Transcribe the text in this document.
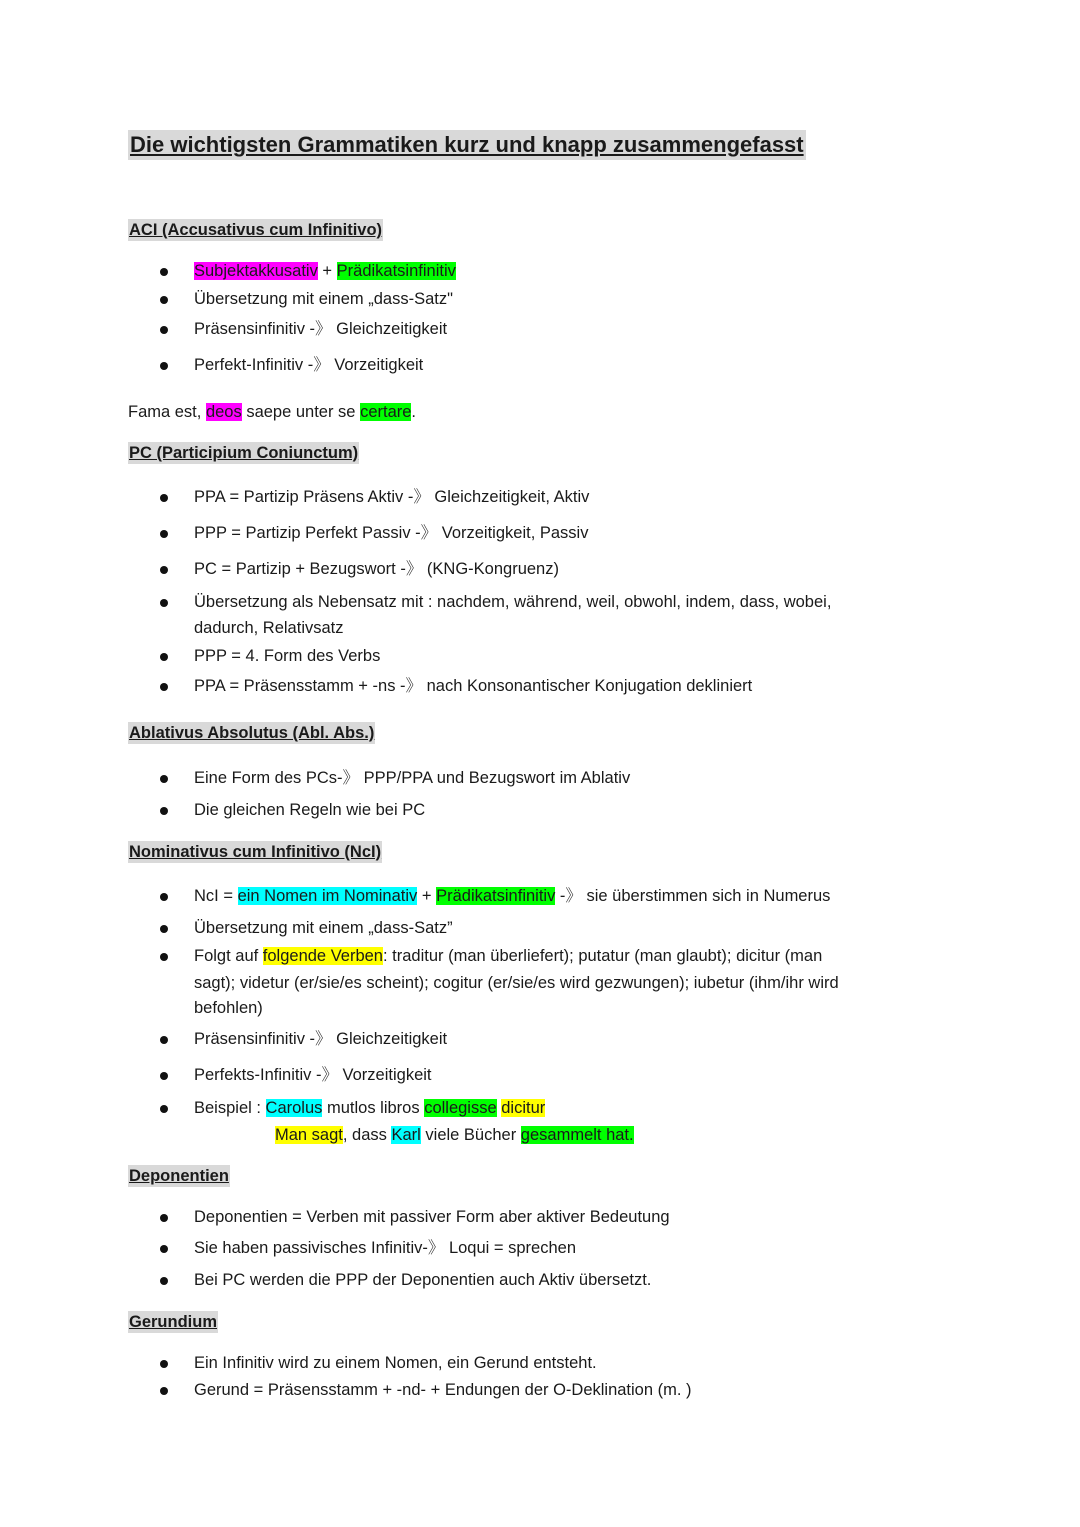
Die wichtigsten Grammatiken kurz und knapp zusammengefasst
ACI (Accusativus cum Infinitivo)
Subjektakkusativ + Prädikatsinfinitiv
Übersetzung mit einem „dass-Satz"
Präsensinfinitiv -》 Gleichzeitigkeit
Perfekt-Infinitiv -》 Vorzeitigkeit
Fama est, deos saepe unter se certare.
PC (Participium Coniunctum)
PPA = Partizip Präsens Aktiv -》 Gleichzeitigkeit, Aktiv
PPP = Partizip Perfekt Passiv -》 Vorzeitigkeit, Passiv
PC = Partizip + Bezugswort -》 (KNG-Kongruenz)
Übersetzung als Nebensatz mit : nachdem, während, weil, obwohl, indem, dass, wobei,
dadurch, Relativsatz
PPP = 4. Form des Verbs
PPA = Präsensstamm + -ns -》 nach Konsonantischer Konjugation dekliniert
Ablativus Absolutus (Abl. Abs.)
Eine Form des PCs-》 PPP/PPA und Bezugswort im Ablativ
Die gleichen Regeln wie bei PC
Nominativus cum Infinitivo (NcI)
NcI = ein Nomen im Nominativ + Prädikatsinfinitiv -》 sie überstimmen sich in Numerus
Übersetzung mit einem „dass-Satz”
Folgt auf folgende Verben: traditur (man überliefert); putatur (man glaubt); dicitur (man
sagt); videtur (er/sie/es scheint); cogitur (er/sie/es wird gezwungen); iubetur (ihm/ihr wird
befohlen)
Präsensinfinitiv -》 Gleichzeitigkeit
Perfekts-Infinitiv -》 Vorzeitigkeit
Beispiel : Carolus mutlos libros collegisse dicitur
Man sagt, dass Karl viele Bücher gesammelt hat.
Deponentien
Deponentien = Verben mit passiver Form aber aktiver Bedeutung
Sie haben passivisches Infinitiv-》 Loqui = sprechen
Bei PC werden die PPP der Deponentien auch Aktiv übersetzt.
Gerundium
Ein Infinitiv wird zu einem Nomen, ein Gerund entsteht.
Gerund = Präsensstamm + -nd- + Endungen der O-Deklination (m. )
